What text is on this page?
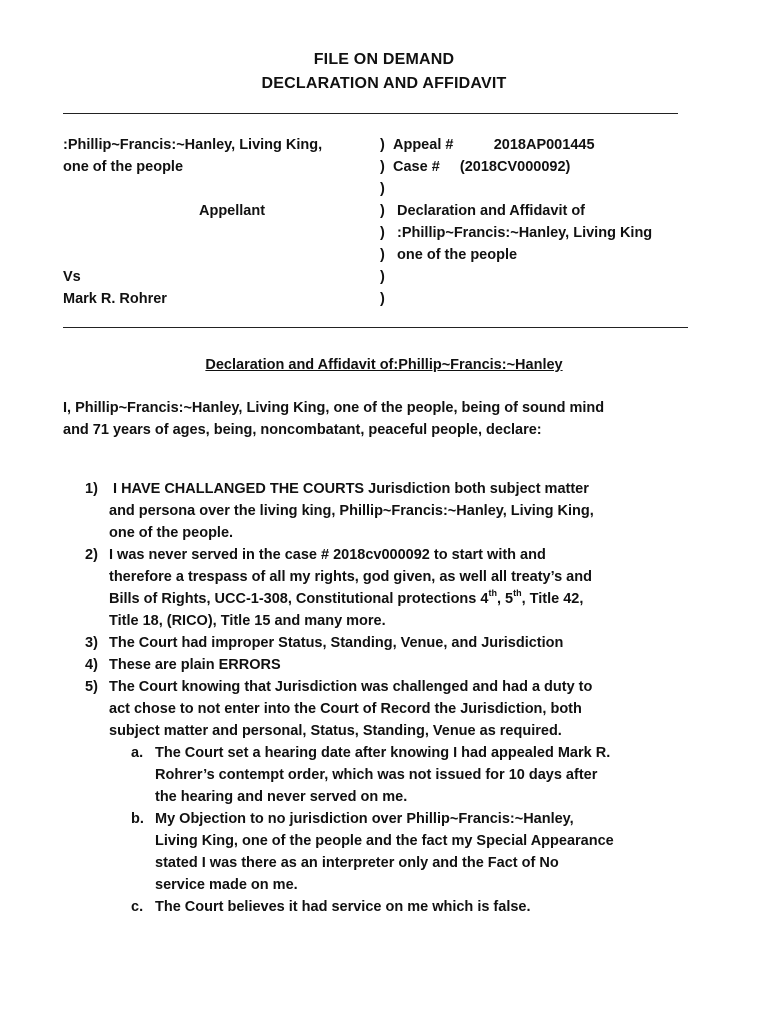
FILE ON DEMAND
DECLARATION AND AFFIDAVIT
:Phillip~Francis:~Hanley, Living King,	) Appeal #          2018AP001445
one of the people	) Case #     (2018CV000092)
)
Appellant	) Declaration and Affidavit of
) :Phillip~Francis:~Hanley, Living King
) one of the people
Vs	)
Mark R. Rohrer	)
Declaration and Affidavit of:Phillip~Francis:~Hanley
I, Phillip~Francis:~Hanley, Living King, one of the people, being of sound mind
and 71 years of ages, being, noncombatant, peaceful people, declare:
1) I HAVE CHALLANGED THE COURTS Jurisdiction both subject matter
and persona over the living king, Phillip~Francis:~Hanley, Living King,
one of the people.
2) I was never served in the case # 2018cv000092 to start with and
therefore a trespass of all my rights, god given, as well all treaty’s and
Bills of Rights, UCC-1-308, Constitutional protections 4th, 5th, Title 42,
Title 18, (RICO), Title 15 and many more.
3) The Court had improper Status, Standing, Venue, and Jurisdiction
4) These are plain ERRORS
5) The Court knowing that Jurisdiction was challenged and had a duty to
act chose to not enter into the Court of Record the Jurisdiction, both
subject matter and personal, Status, Standing, Venue as required.
a. The Court set a hearing date after knowing I had appealed Mark R.
Rohrer’s contempt order, which was not issued for 10 days after
the hearing and never served on me.
b. My Objection to no jurisdiction over Phillip~Francis:~Hanley,
Living King, one of the people and the fact my Special Appearance
stated I was there as an interpreter only and the Fact of No
service made on me.
c. The Court believes it had service on me which is false.
